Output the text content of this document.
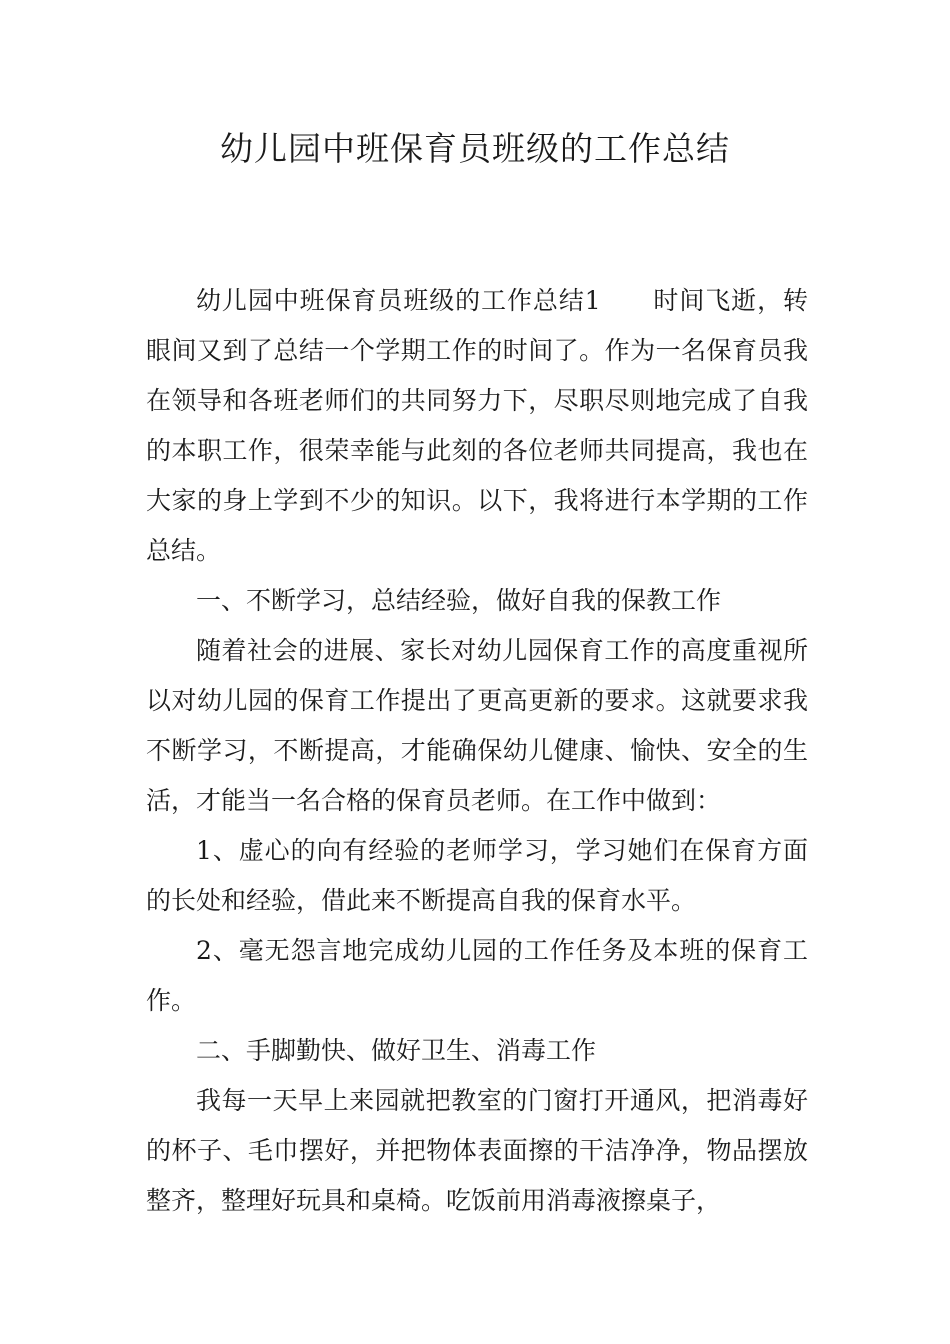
幼儿园中班保育员班级的工作总结

幼儿园中班保育员班级的工作总结1　　时间飞逝，转眼间又到了总结一个学期工作的时间了。作为一名保育员我在领导和各班老师们的共同努力下，尽职尽则地完成了自我的本职工作，很荣幸能与此刻的各位老师共同提高，我也在大家的身上学到不少的知识。以下，我将进行本学期的工作总结。

一、不断学习，总结经验，做好自我的保教工作

随着社会的进展、家长对幼儿园保育工作的高度重视所以对幼儿园的保育工作提出了更高更新的要求。这就要求我不断学习，不断提高，才能确保幼儿健康、愉快、安全的生活，才能当一名合格的保育员老师。在工作中做到：

1、虚心的向有经验的老师学习，学习她们在保育方面的长处和经验，借此来不断提高自我的保育水平。

2、毫无怨言地完成幼儿园的工作任务及本班的保育工作。

二、手脚勤快、做好卫生、消毒工作

我每一天早上来园就把教室的门窗打开通风，把消毒好的杯子、毛巾摆好，并把物体表面擦的干洁净净，物品摆放整齐，整理好玩具和桌椅。吃饭前用消毒液擦桌子，
